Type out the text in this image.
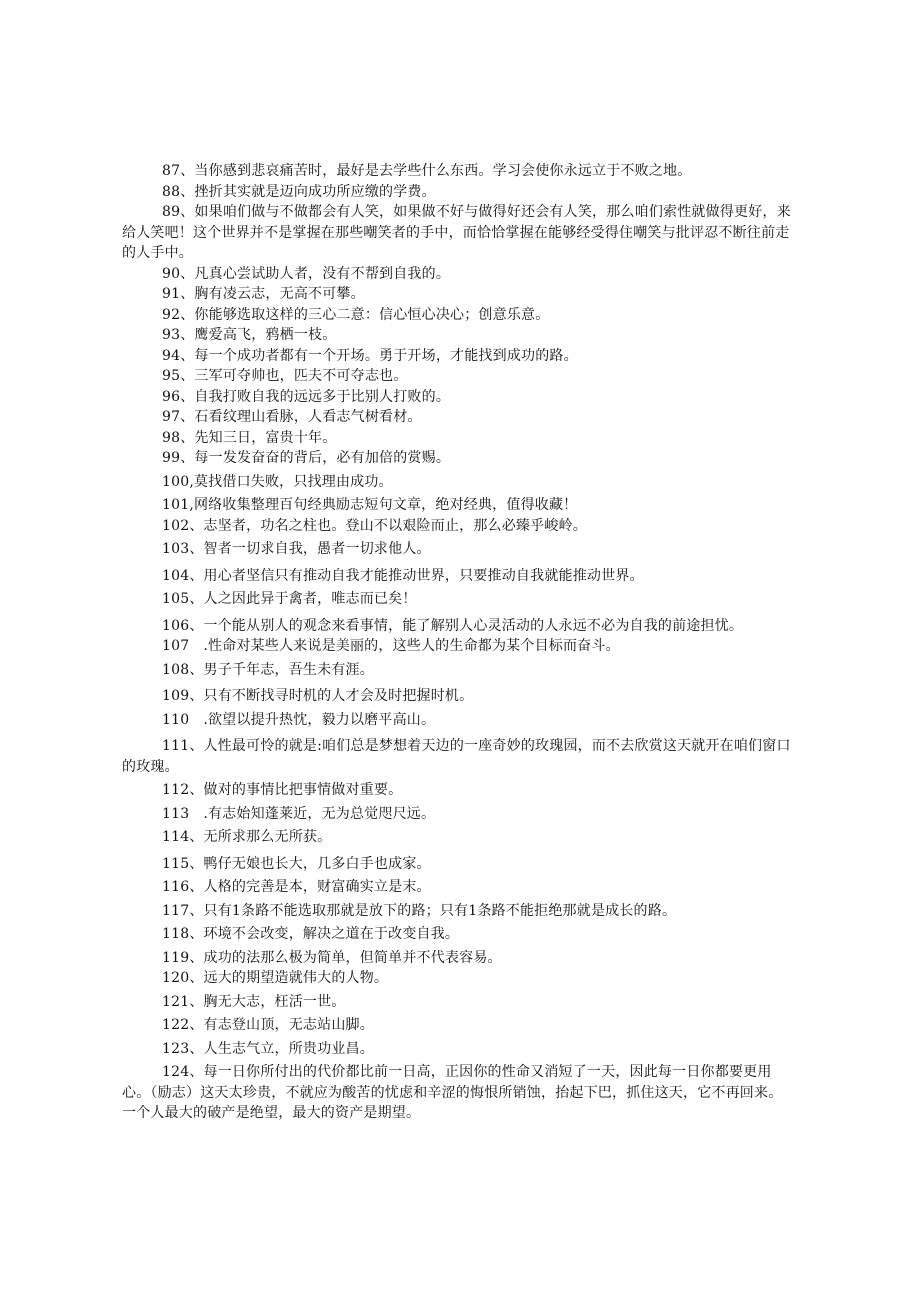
87、当你感到悲哀痛苦时，最好是去学些什么东西。学习会使你永远立于不败之地。

88、挫折其实就是迈向成功所应缴的学费。

89、如果咱们做与不做都会有人笑，如果做不好与做得好还会有人笑，那么咱们索性就做得更好，来给人笑吧！这个世界并不是掌握在那些嘲笑者的手中，而恰恰掌握在能够经受得住嘲笑与批评忍不断往前走的人手中。

90、凡真心尝试助人者，没有不帮到自我的。

91、胸有凌云志，无高不可攀。

92、你能够选取这样的三心二意：信心恒心决心；创意乐意。

93、鹰爱高飞，鸦栖一枝。

94、每一个成功者都有一个开场。勇于开场，才能找到成功的路。

95、三军可夺帅也，匹夫不可夺志也。

96、自我打败自我的远远多于比别人打败的。

97、石看纹理山看脉，人看志气树看材。

98、先知三日，富贵十年。

99、每一发发奋奋的背后，必有加倍的赏赐。

100,莫找借口失败，只找理由成功。

101,网络收集整理百句经典励志短句文章，绝对经典，值得收藏！

102、志坚者，功名之柱也。登山不以艰险而止，那么必臻乎峻岭。

103、智者一切求自我，愚者一切求他人。

104、用心者坚信只有推动自我才能推动世界，只要推动自我就能推动世界。

105、人之因此异于禽者，唯志而已矣！

106、一个能从别人的观念来看事情，能了解别人心灵活动的人永远不必为自我的前途担忧。

107 .性命对某些人来说是美丽的，这些人的生命都为某个目标而奋斗。

108、男子千年志，吾生未有涯。

109、只有不断找寻时机的人才会及时把握时机。

110 .欲望以提升热忱，毅力以磨平高山。

111、人性最可怜的就是:咱们总是梦想着天边的一座奇妙的玫瑰园，而不去欣赏这天就开在咱们窗口的玫瑰。

112、做对的事情比把事情做对重要。

113 .有志始知蓬莱近，无为总觉咫尺远。

114、无所求那么无所获。

115、鸭仔无娘也长大，几多白手也成家。

116、人格的完善是本，财富确实立是末。

117、只有1条路不能选取那就是放下的路；只有1条路不能拒绝那就是成长的路。

118、环境不会改变，解决之道在于改变自我。

119、成功的法那么极为简单，但简单并不代表容易。

120、远大的期望造就伟大的人物。

121、胸无大志，枉活一世。

122、有志登山顶，无志站山脚。

123、人生志气立，所贵功业昌。

124、每一日你所付出的代价都比前一日高，正因你的性命又消短了一天，因此每一日你都要更用心。（励志）这天太珍贵，不就应为酸苦的忧虑和辛涩的悔恨所销蚀，抬起下巴，抓住这天，它不再回来。一个人最大的破产是绝望，最大的资产是期望。
